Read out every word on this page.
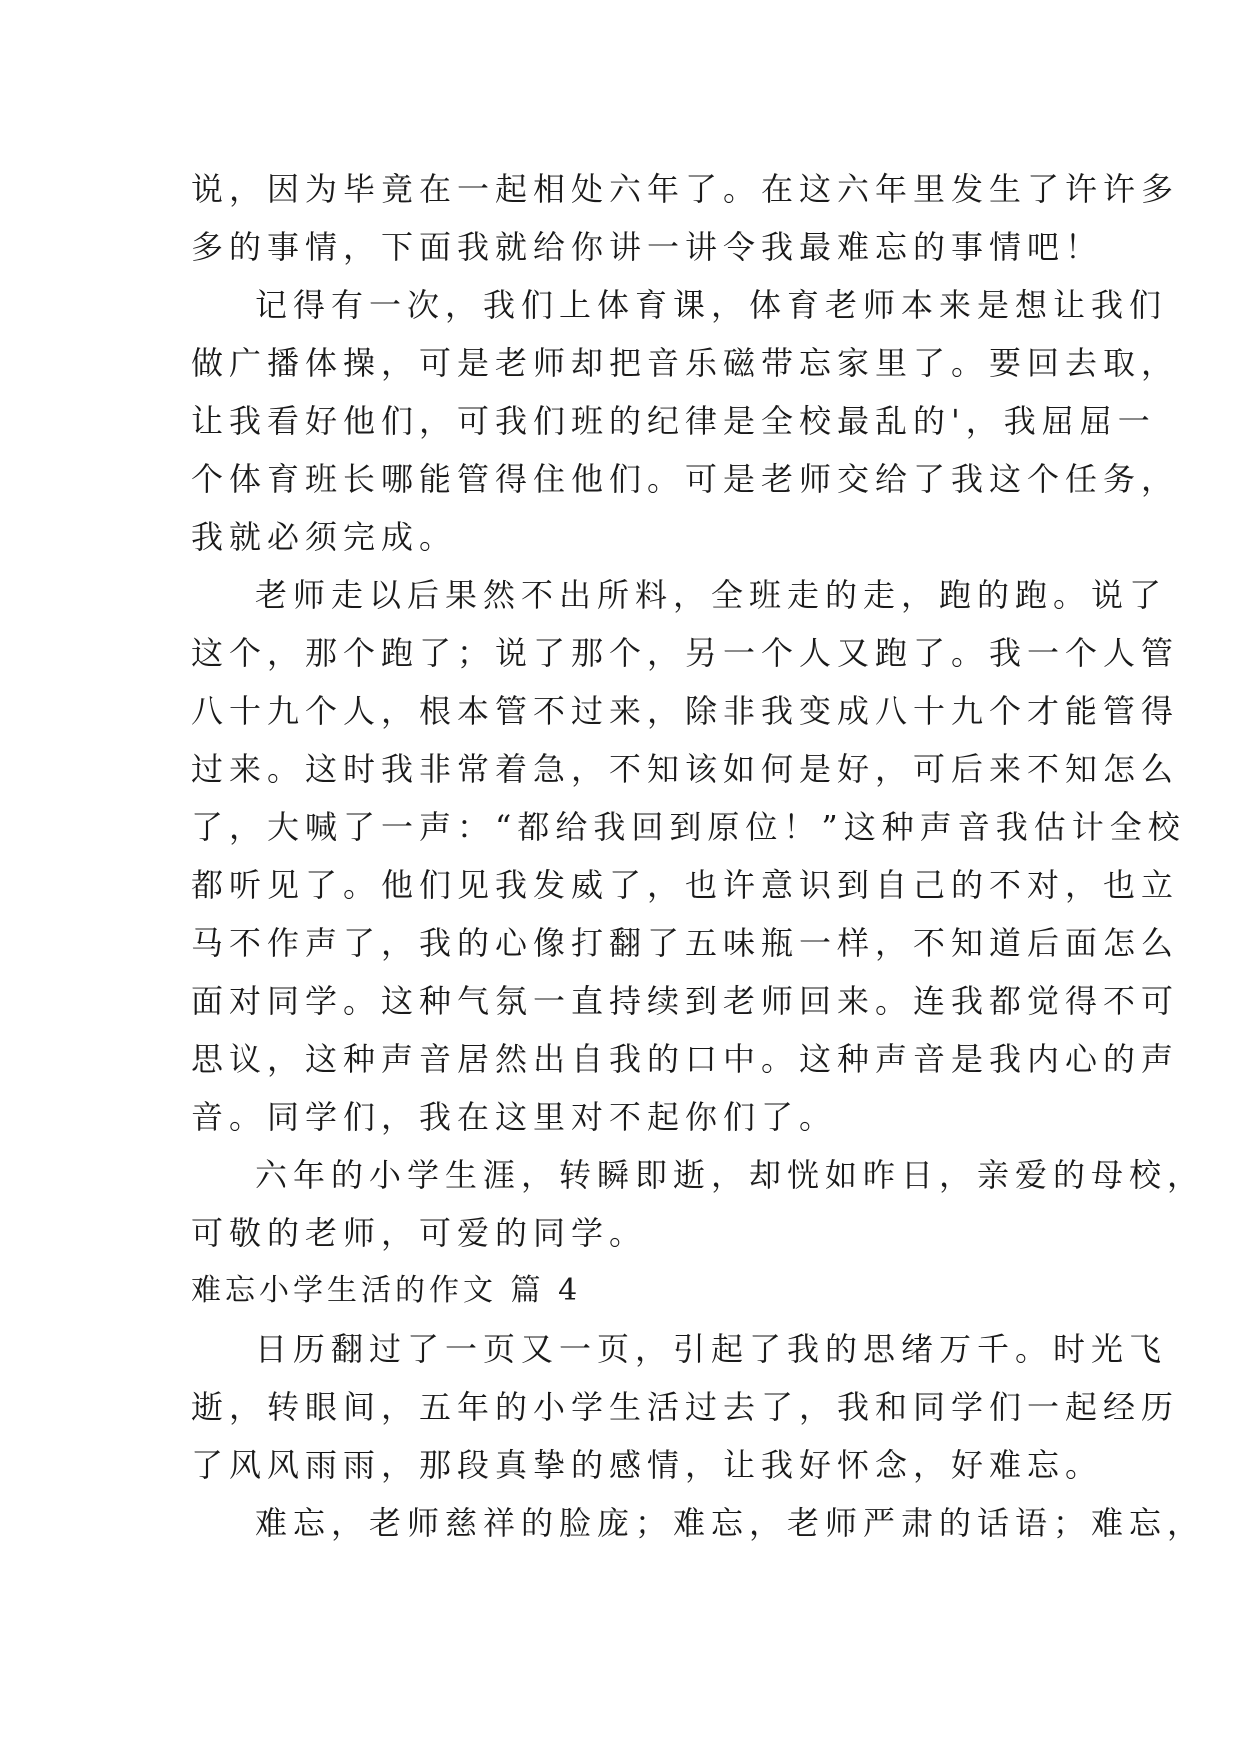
说，因为毕竟在一起相处六年了。在这六年里发生了许许多
多的事情，下面我就给你讲一讲令我最难忘的事情吧！
记得有一次，我们上体育课，体育老师本来是想让我们
做广播体操，可是老师却把音乐磁带忘家里了。要回去取，
让我看好他们，可我们班的纪律是全校最乱的'，我屈屈一
个体育班长哪能管得住他们。可是老师交给了我这个任务，
我就必须完成。
老师走以后果然不出所料，全班走的走，跑的跑。说了
这个，那个跑了；说了那个，另一个人又跑了。我一个人管
八十九个人，根本管不过来，除非我变成八十九个才能管得
过来。这时我非常着急，不知该如何是好，可后来不知怎么
了，大喊了一声：“都给我回到原位！”这种声音我估计全校
都听见了。他们见我发威了，也许意识到自己的不对，也立
马不作声了，我的心像打翻了五味瓶一样，不知道后面怎么
面对同学。这种气氛一直持续到老师回来。连我都觉得不可
思议，这种声音居然出自我的口中。这种声音是我内心的声
音。同学们，我在这里对不起你们了。
六年的小学生涯，转瞬即逝，却恍如昨日，亲爱的母校，
可敬的老师，可爱的同学。
难忘小学生活的作文 篇 4
日历翻过了一页又一页，引起了我的思绪万千。时光飞
逝，转眼间，五年的小学生活过去了，我和同学们一起经历
了风风雨雨，那段真挚的感情，让我好怀念，好难忘。
难忘，老师慈祥的脸庞；难忘，老师严肃的话语；难忘，
